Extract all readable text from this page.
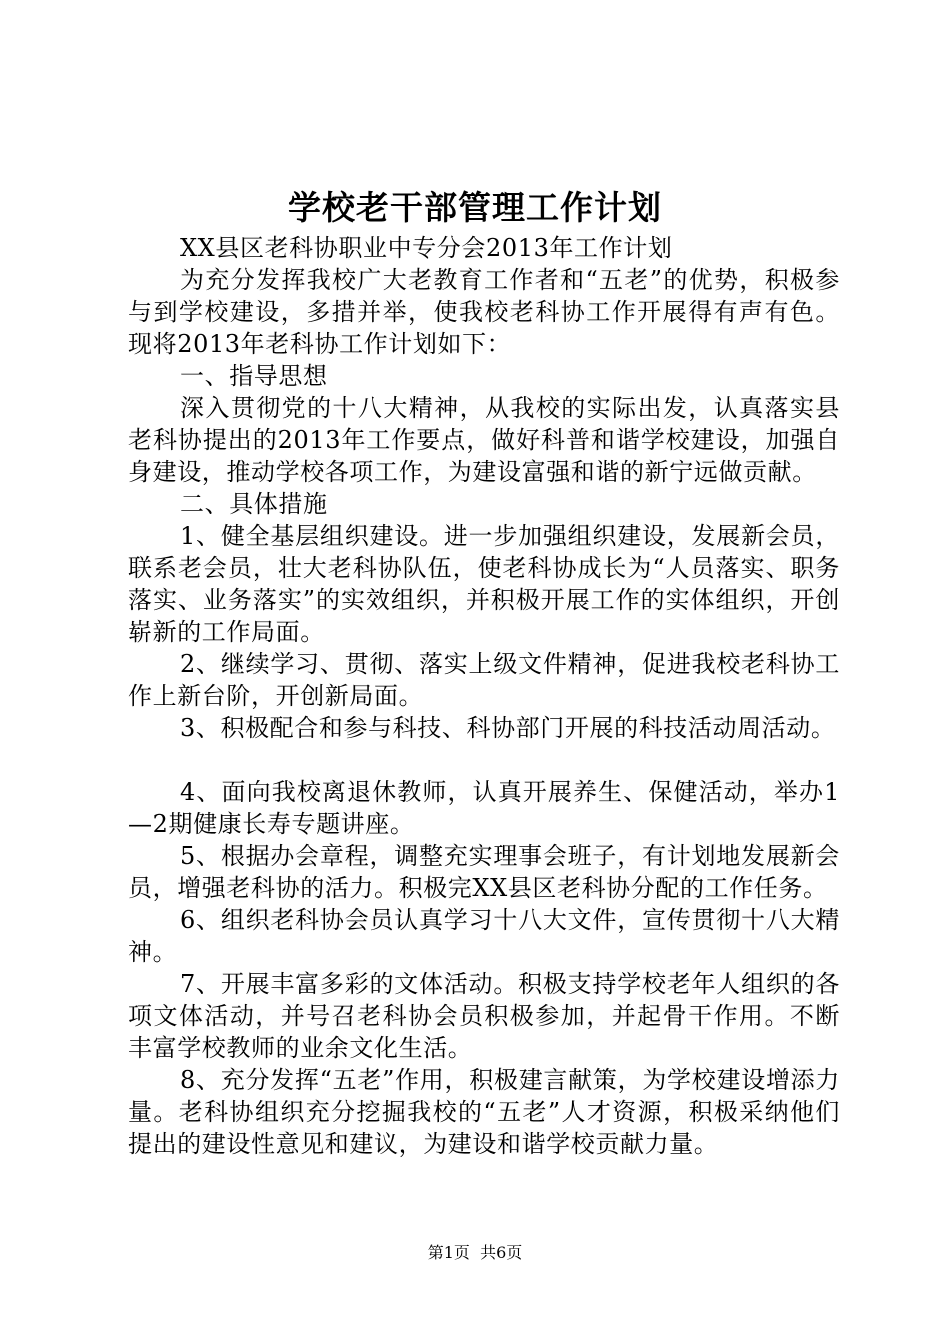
学校老干部管理工作计划

XX县区老科协职业中专分会2013年工作计划

为充分发挥我校广大老教育工作者和“五老”的优势，积极参与到学校建设，多措并举，使我校老科协工作开展得有声有色。现将2013年老科协工作计划如下：

一、指导思想

深入贯彻党的十八大精神，从我校的实际出发，认真落实县老科协提出的2013年工作要点，做好科普和谐学校建设，加强自身建设，推动学校各项工作，为建设富强和谐的新宁远做贡献。

二、具体措施

1、健全基层组织建设。进一步加强组织建设，发展新会员，联系老会员，壮大老科协队伍，使老科协成长为“人员落实、职务落实、业务落实”的实效组织，并积极开展工作的实体组织，开创崭新的工作局面。

2、继续学习、贯彻、落实上级文件精神，促进我校老科协工作上新台阶，开创新局面。

3、积极配合和参与科技、科协部门开展的科技活动周活动。

4、面向我校离退休教师，认真开展养生、保健活动，举办1—2期健康长寿专题讲座。

5、根据办会章程，调整充实理事会班子，有计划地发展新会员，增强老科协的活力。积极完XX县区老科协分配的工作任务。

6、组织老科协会员认真学习十八大文件，宣传贯彻十八大精神。

7、开展丰富多彩的文体活动。积极支持学校老年人组织的各项文体活动，并号召老科协会员积极参加，并起骨干作用。不断丰富学校教师的业余文化生活。

8、充分发挥“五老”作用，积极建言献策，为学校建设增添力量。老科协组织充分挖掘我校的“五老”人才资源，积极采纳他们提出的建设性意见和建议，为建设和谐学校贡献力量。

第1页 共6页
